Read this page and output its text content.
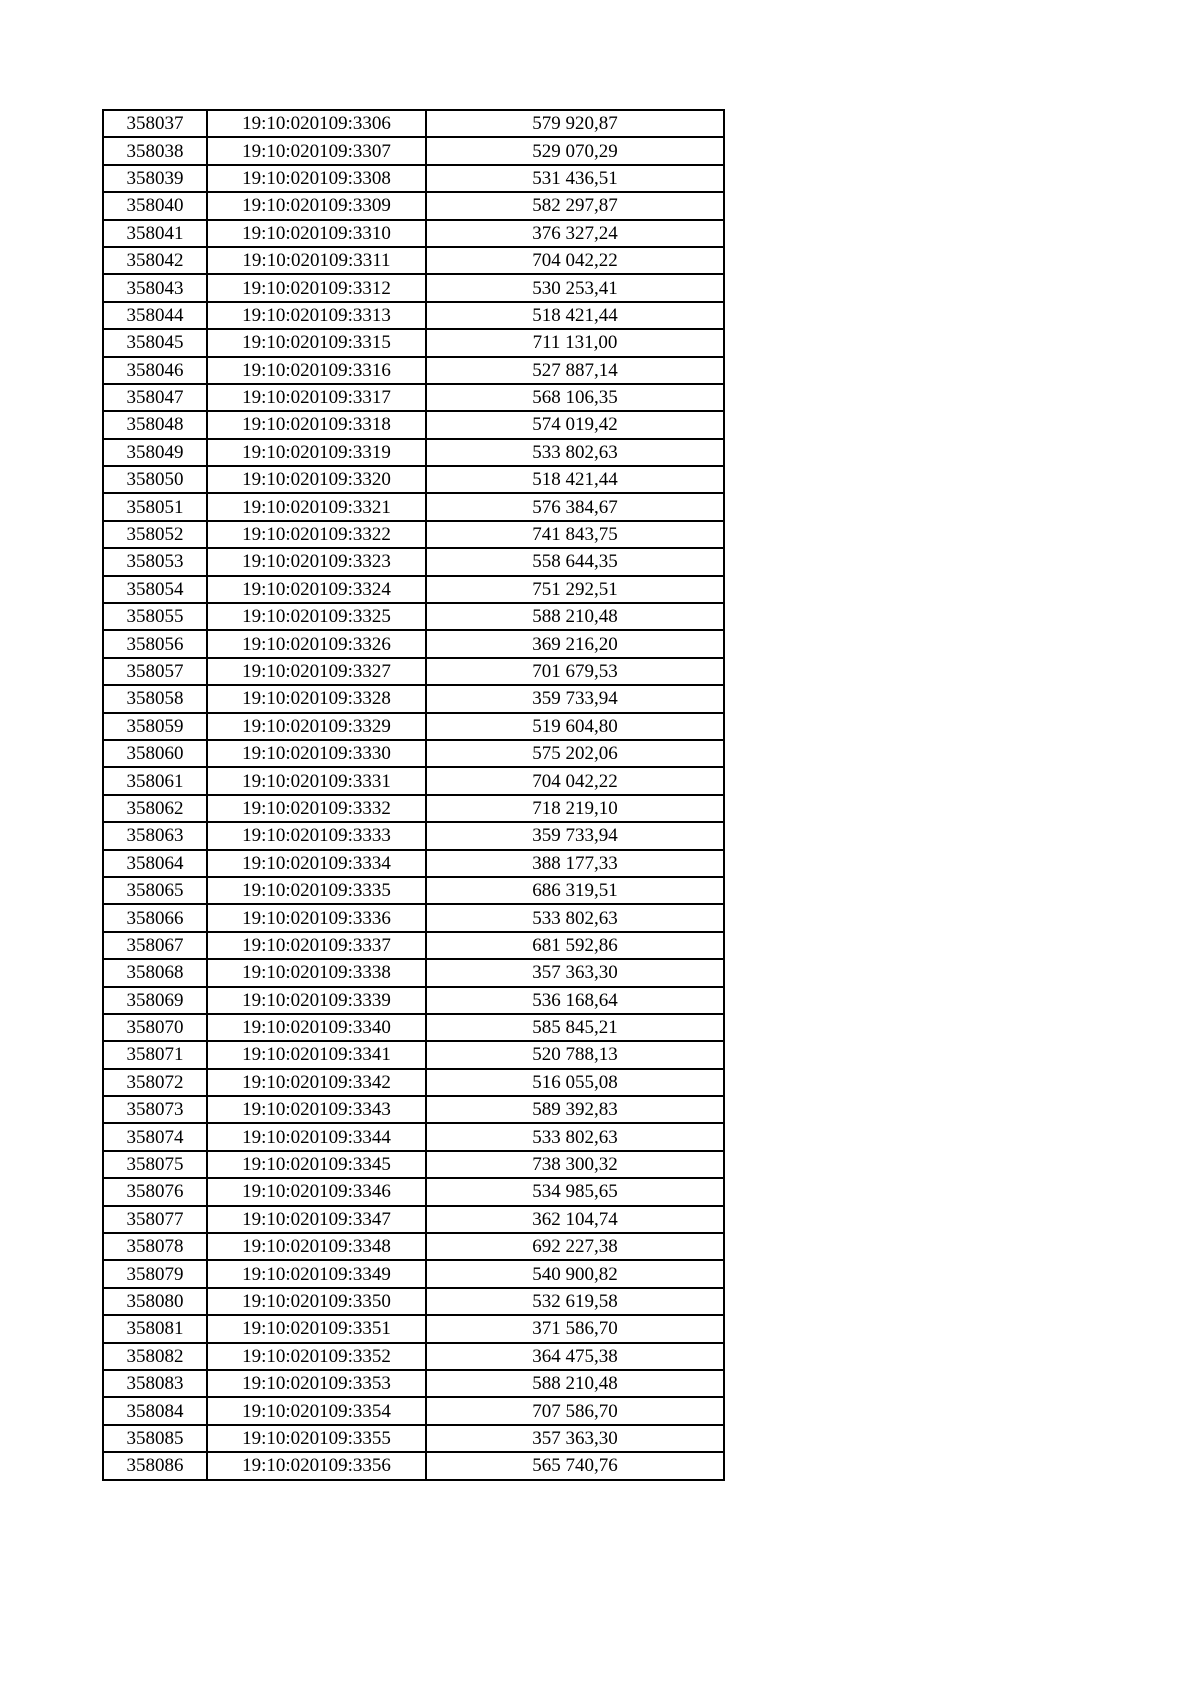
358037	19:10:020109:3306	579 920,87
358038	19:10:020109:3307	529 070,29
358039	19:10:020109:3308	531 436,51
358040	19:10:020109:3309	582 297,87
358041	19:10:020109:3310	376 327,24
358042	19:10:020109:3311	704 042,22
358043	19:10:020109:3312	530 253,41
358044	19:10:020109:3313	518 421,44
358045	19:10:020109:3315	711 131,00
358046	19:10:020109:3316	527 887,14
358047	19:10:020109:3317	568 106,35
358048	19:10:020109:3318	574 019,42
358049	19:10:020109:3319	533 802,63
358050	19:10:020109:3320	518 421,44
358051	19:10:020109:3321	576 384,67
358052	19:10:020109:3322	741 843,75
358053	19:10:020109:3323	558 644,35
358054	19:10:020109:3324	751 292,51
358055	19:10:020109:3325	588 210,48
358056	19:10:020109:3326	369 216,20
358057	19:10:020109:3327	701 679,53
358058	19:10:020109:3328	359 733,94
358059	19:10:020109:3329	519 604,80
358060	19:10:020109:3330	575 202,06
358061	19:10:020109:3331	704 042,22
358062	19:10:020109:3332	718 219,10
358063	19:10:020109:3333	359 733,94
358064	19:10:020109:3334	388 177,33
358065	19:10:020109:3335	686 319,51
358066	19:10:020109:3336	533 802,63
358067	19:10:020109:3337	681 592,86
358068	19:10:020109:3338	357 363,30
358069	19:10:020109:3339	536 168,64
358070	19:10:020109:3340	585 845,21
358071	19:10:020109:3341	520 788,13
358072	19:10:020109:3342	516 055,08
358073	19:10:020109:3343	589 392,83
358074	19:10:020109:3344	533 802,63
358075	19:10:020109:3345	738 300,32
358076	19:10:020109:3346	534 985,65
358077	19:10:020109:3347	362 104,74
358078	19:10:020109:3348	692 227,38
358079	19:10:020109:3349	540 900,82
358080	19:10:020109:3350	532 619,58
358081	19:10:020109:3351	371 586,70
358082	19:10:020109:3352	364 475,38
358083	19:10:020109:3353	588 210,48
358084	19:10:020109:3354	707 586,70
358085	19:10:020109:3355	357 363,30
358086	19:10:020109:3356	565 740,76
